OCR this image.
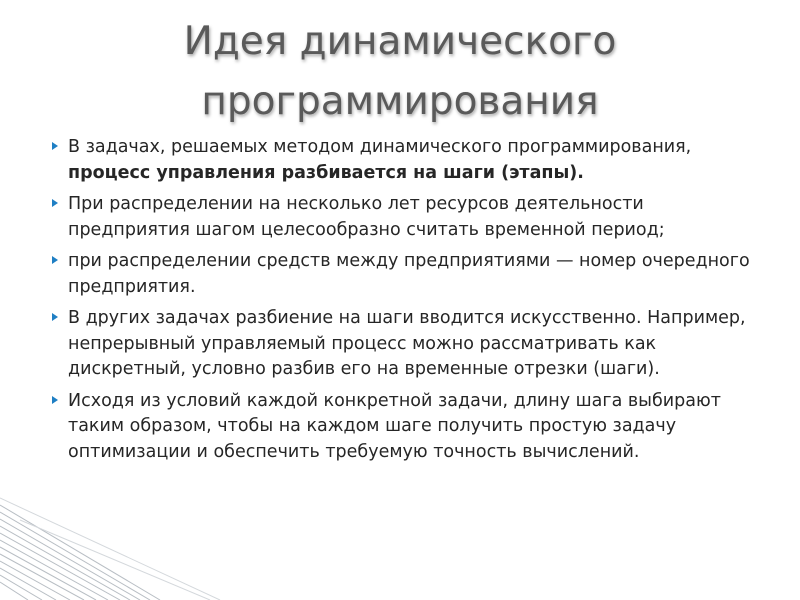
Идея динамического
программирования
В задачах, решаемых методом динамического программирования, процесс управления разбивается на шаги (этапы).
При распределении на несколько лет ресурсов деятельности предприятия шагом целесообразно считать временной период;
при распределении средств между предприятиями — номер очередного предприятия.
В других задачах разбиение на шаги вводится искусственно. Например, непрерывный управляемый процесс можно рассматривать как дискретный, условно разбив его на временные отрезки (шаги).
Исходя из условий каждой конкретной задачи, длину шага выбирают таким образом, чтобы на каждом шаге получить простую задачу оптимизации и обеспечить требуемую точность вычислений.
